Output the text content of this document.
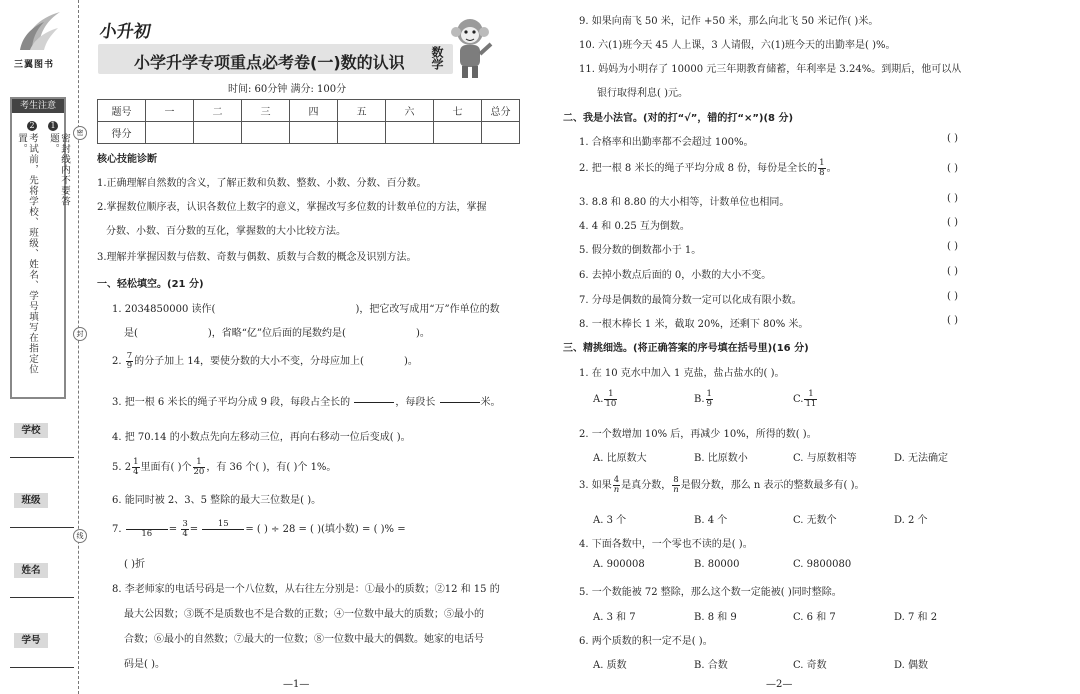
三翼图书
考生注意
1
2
密封线内不要答题。
考试前，先将学校、班级、姓名、学号填写在指定位置。
学校
班级
姓名
学号
密
封
线
小升初
小学升学专项重点必考卷(一)数的认识 数学
时间: 60分钟 满分: 100分
题号	一	二	三	四	五	六	七	总分
得分								
核心技能诊断
1.正确理解自然数的含义，了解正数和负数、整数、小数、分数、百分数。
2.掌握数位顺序表，认识各数位上数字的意义，掌握改写多位数的计数单位的方法，掌握
分数、小数、百分数的互化，掌握数的大小比较方法。
3.理解并掌握因数与倍数、奇数与偶数、质数与合数的概念及识别方法。
一、轻松填空。(21 分)
1. 2034850000 读作(	)，把它改写成用“万”作单位的数
是(	)，省略“亿”位后面的尾数约是(	)。
2. $\frac{7}{9}$ 的分子加上 14，要使分数的大小不变，分母应加上(	)。
3. 把一根 6 米长的绳子平均分成 9 段，每段占全长的

	，每段长

	米。
4. 把 70.14 的小数点先向左移动三位，再向右移动一位后变成( )。
5. $2 \frac{1}{4}$ 里面有( )个 $\frac{1}{20}$ ，有 36 个( )，有( )个 1%。
6. 能同时被 2、3、5 整除的最大三位数是( )。
7.
	16	= $\frac{3}{4}$ =	15
	= ( ) ÷ 28 = ( )(填小数) = ( )% =
( )折
8. 李老师家的电话号码是一个八位数，从右往左分别是：①最小的质数；②12 和 15 的
最大公因数；③既不是质数也不是合数的正数；④一位数中最大的质数；⑤最小的
合数；⑥最小的自然数；⑦最大的一位数；⑧一位数中最大的偶数。她家的电话号
码是( )。
—1—
9. 如果向南飞 50 米，记作 +50 米，那么向北飞 50 米记作( )米。
10. 六(1)班今天 45 人上课，3 人请假，六(1)班今天的出勤率是( )%。
11. 妈妈为小明存了 10000 元三年期教育储蓄，年利率是 3.24%。到期后，他可以从
银行取得利息( )元。
二、我是小法官。(对的打“√”，错的打“×”)(8 分)
1. 合格率和出勤率都不会超过 100%。	( )
2. 把一根 8 米长的绳子平均分成 8 份，每份是全长的 $\frac{1}{8}$ 。	( )
3. 8.8 和 8.80 的大小相等，计数单位也相同。	( )
4. 4 和 0.25 互为倒数。	( )
5. 假分数的倒数都小于 1。	( )
6. 去掉小数点后面的 0，小数的大小不变。	( )
7. 分母是偶数的最简分数一定可以化成有限小数。	( )
8. 一根木棒长 1 米，截取 20%，还剩下 80% 米。	( )
三、精挑细选。(将正确答案的序号填在括号里)(16 分)
1. 在 10 克水中加入 1 克盐，盐占盐水的( )。
A. $\frac{1}{10}$	B. $\frac{1}{9}$	C. $\frac{1}{11}$
2. 一个数增加 10% 后，再减少 10%，所得的数( )。
A. 比原数大	B. 比原数小	C. 与原数相等	D. 无法确定
3. 如果 $\frac{4}{n}$ 是真分数， $\frac{8}{n}$ 是假分数，那么 n 表示的整数最多有( )。
A. 3 个	B. 4 个	C. 无数个	D. 2 个
4. 下面各数中，一个零也不读的是( )。
A. 900008	B. 80000	C. 9800080
5. 一个数能被 72 整除，那么这个数一定能被( )同时整除。
A. 3 和 7	B. 8 和 9	C. 6 和 7	D. 7 和 2
6. 两个质数的积一定不是( )。
A. 质数	B. 合数	C. 奇数	D. 偶数
—2—
